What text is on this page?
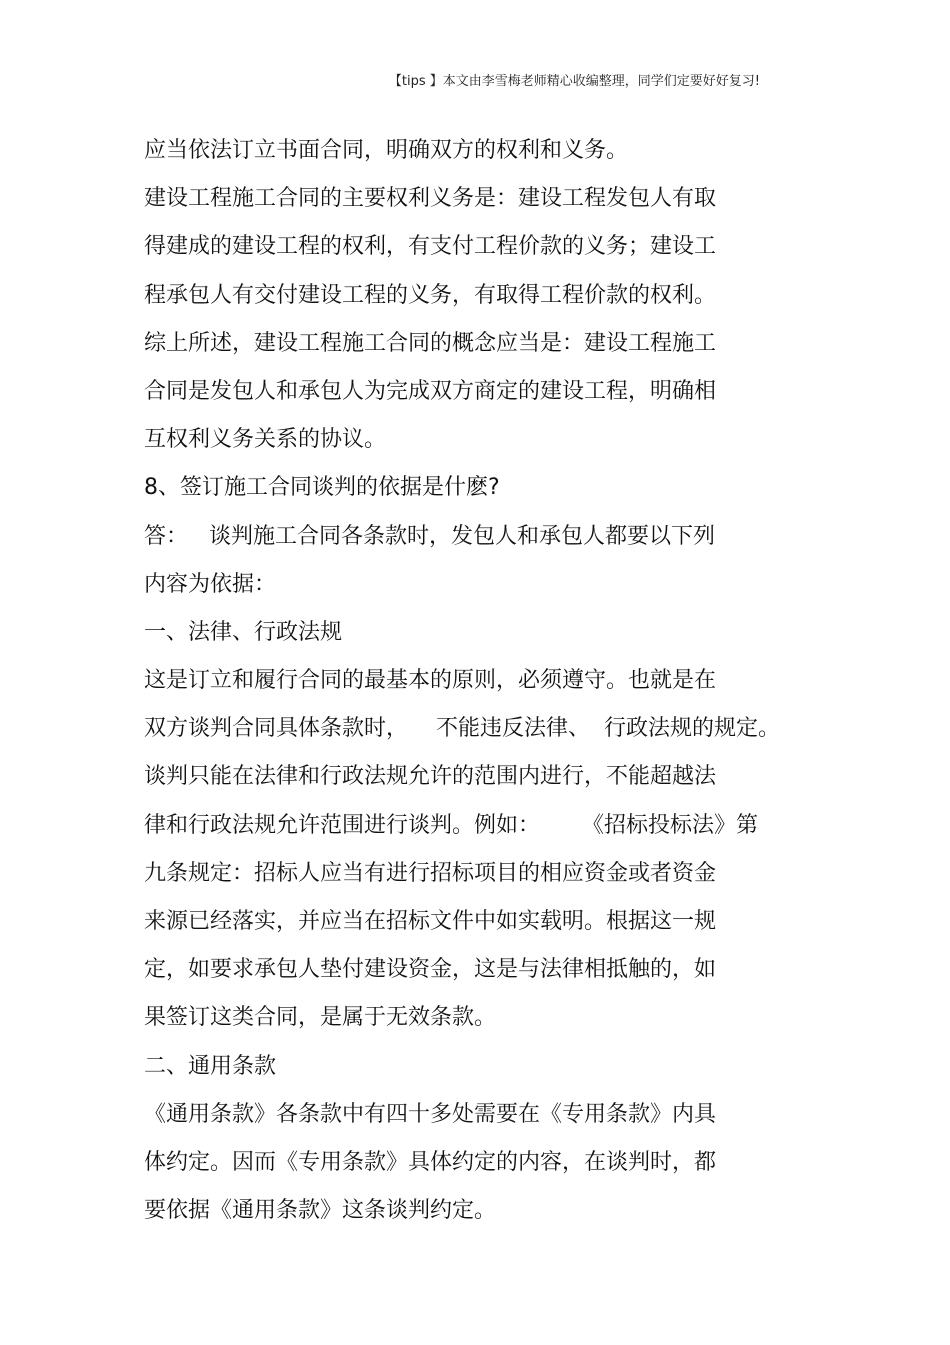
【tips 】本文由李雪梅老师精心收编整理，同学们定要好好复习!
应当依法订立书面合同，明确双方的权利和义务。
建设工程施工合同的主要权利义务是：建设工程发包人有取
得建成的建设工程的权利，有支付工程价款的义务；建设工
程承包人有交付建设工程的义务，有取得工程价款的权利。
综上所述，建设工程施工合同的概念应当是：建设工程施工
合同是发包人和承包人为完成双方商定的建设工程，明确相
互权利义务关系的协议。
8、签订施工合同谈判的依据是什麽?
答：   谈判施工合同各条款时，发包人和承包人都要以下列
内容为依据：
一、法律、行政法规
这是订立和履行合同的最基本的原则，必须遵守。也就是在
双方谈判合同具体条款时，    不能违反法律、  行政法规的规定。
谈判只能在法律和行政法规允许的范围内进行，不能超越法
律和行政法规允许范围进行谈判。例如：      《招标投标法》第
九条规定：招标人应当有进行招标项目的相应资金或者资金
来源已经落实，并应当在招标文件中如实载明。根据这一规
定，如要求承包人垫付建设资金，这是与法律相抵触的，如
果签订这类合同，是属于无效条款。
二、通用条款
《通用条款》各条款中有四十多处需要在《专用条款》内具
体约定。因而《专用条款》具体约定的内容，在谈判时，都
要依据《通用条款》这条谈判约定。
